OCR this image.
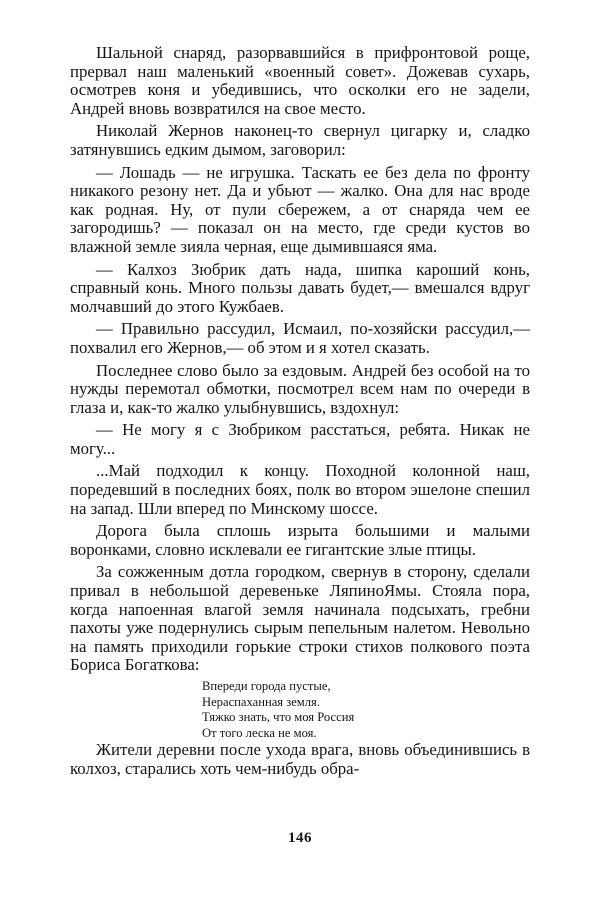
Шальной снаряд, разорвавшийся в прифронтовой роще, прервал наш маленький «военный совет». Дожевав сухарь, осмотрев коня и убедившись, что осколки его не задели, Андрей вновь возвратился на свое место.

Николай Жернов наконец-то свернул цигарку и, сладко затянувшись едким дымом, заговорил:

— Лошадь — не игрушка. Таскать ее без дела по фронту никакого резону нет. Да и убьют — жалко. Она для нас вроде как родная. Ну, от пули сбережем, а от снаряда чем ее загородишь? — показал он на место, где среди кустов во влажной земле зияла черная, еще дымившаяся яма.

— Калхоз Зюбрик дать нада, шипка кароший конь, справный конь. Много пользы давать будет,— вмешался вдруг молчавший до этого Кужбаев.

— Правильно рассудил, Исмаил, по-хозяйски рассудил,— похвалил его Жернов,— об этом и я хотел сказать.

Последнее слово было за ездовым. Андрей без особой на то нужды перемотал обмотки, посмотрел всем нам по очереди в глаза и, как-то жалко улыбнувшись, вздохнул:

— Не могу я с Зюбриком расстаться, ребята. Никак не могу...

...Май подходил к концу. Походной колонной наш, поредевший в последних боях, полк во втором эшелоне спешил на запад. Шли вперед по Минскому шоссе.

Дорога была сплошь изрыта большими и малыми воронками, словно исклевали ее гигантские злые птицы.

За сожженным дотла городком, свернув в сторону, сделали привал в небольшой деревеньке ЛяпиноЯмы. Стояла пора, когда напоенная влагой земля начинала подсыхать, гребни пахоты уже подернулись сырым пепельным налетом. Невольно на память приходили горькие строки стихов полкового поэта Бориса Богаткова:

Впереди города пустые,
Нераспаханная земля.
Тяжко знать, что моя Россия
От того леска не моя.

Жители деревни после ухода врага, вновь объединившись в колхоз, старались хоть чем-нибудь обра-

146
